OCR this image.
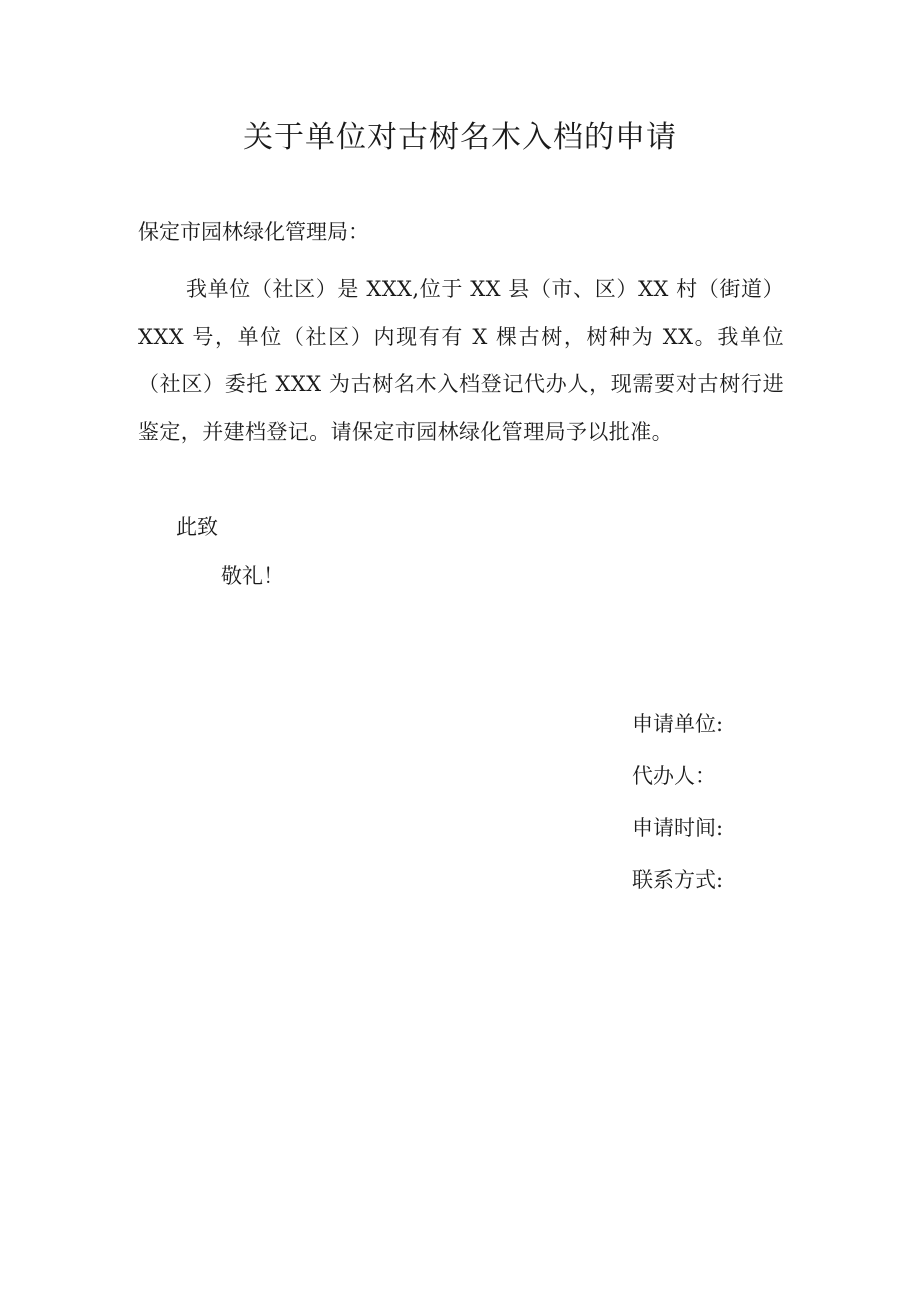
关于单位对古树名木入档的申请

保定市园林绿化管理局：

我单位（社区）是 XXX,位于 XX 县（市、区）XX 村（街道）XXX 号，单位（社区）内现有有 X 棵古树，树种为 XX。我单位（社区）委托 XXX 为古树名木入档登记代办人，现需要对古树行进鉴定，并建档登记。请保定市园林绿化管理局予以批准。

此致

敬礼！

申请单位:

代办人：

申请时间:

联系方式:
